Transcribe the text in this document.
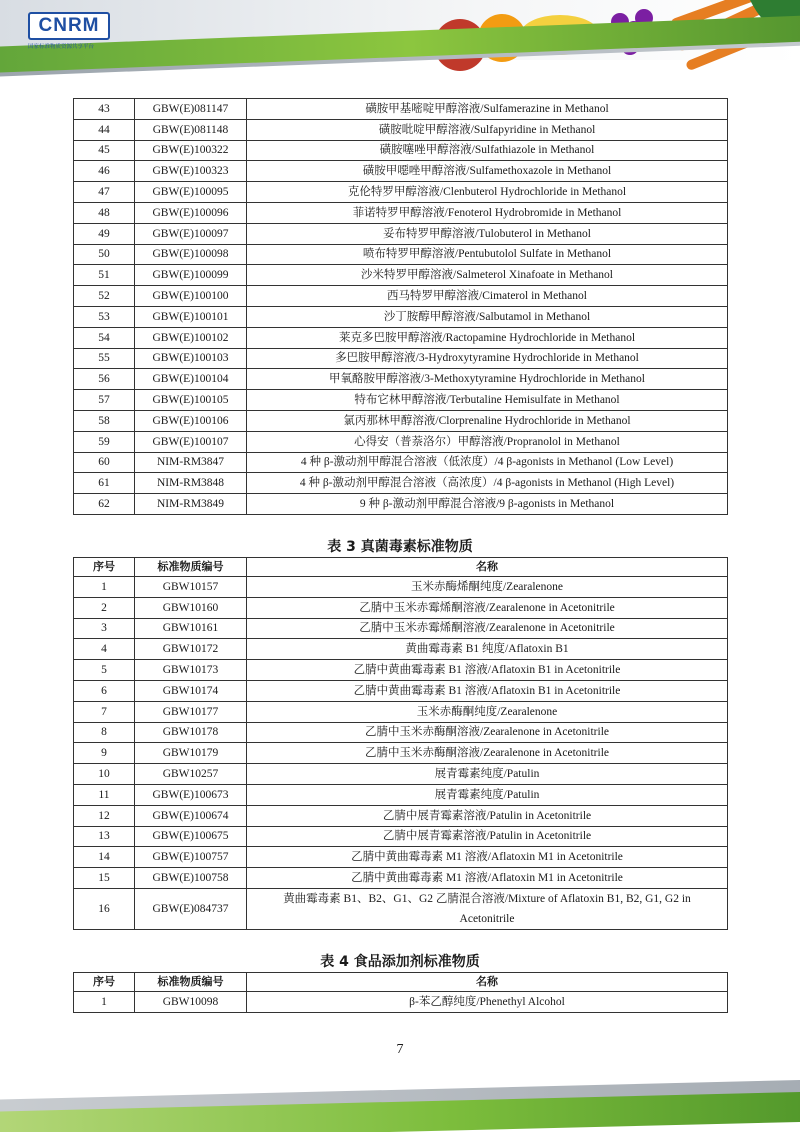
CNRM
国家标准物质资源共享平台
43	GBW(E)081147	磺胺甲基嘧啶甲醇溶液/Sulfamerazine in Methanol
44	GBW(E)081148	磺胺吡啶甲醇溶液/Sulfapyridine in Methanol
45	GBW(E)100322	磺胺噻唑甲醇溶液/Sulfathiazole in Methanol
46	GBW(E)100323	磺胺甲噁唑甲醇溶液/Sulfamethoxazole in Methanol
47	GBW(E)100095	克伦特罗甲醇溶液/Clenbuterol Hydrochloride in Methanol
48	GBW(E)100096	菲诺特罗甲醇溶液/Fenoterol Hydrobromide in Methanol
49	GBW(E)100097	妥布特罗甲醇溶液/Tulobuterol in Methanol
50	GBW(E)100098	喷布特罗甲醇溶液/Pentubutolol Sulfate in Methanol
51	GBW(E)100099	沙米特罗甲醇溶液/Salmeterol Xinafoate in Methanol
52	GBW(E)100100	西马特罗甲醇溶液/Cimaterol in Methanol
53	GBW(E)100101	沙丁胺醇甲醇溶液/Salbutamol in Methanol
54	GBW(E)100102	莱克多巴胺甲醇溶液/Ractopamine Hydrochloride in Methanol
55	GBW(E)100103	多巴胺甲醇溶液/3-Hydroxytyramine Hydrochloride in Methanol
56	GBW(E)100104	甲氧酪胺甲醇溶液/3-Methoxytyramine Hydrochloride in Methanol
57	GBW(E)100105	特布它林甲醇溶液/Terbutaline Hemisulfate in Methanol
58	GBW(E)100106	氯丙那林甲醇溶液/Clorprenaline Hydrochloride in Methanol
59	GBW(E)100107	心得安（普萘洛尔）甲醇溶液/Propranolol in Methanol
60	NIM-RM3847	4 种 β-激动剂甲醇混合溶液（低浓度）/4 β-agonists in Methanol (Low Level)
61	NIM-RM3848	4 种 β-激动剂甲醇混合溶液（高浓度）/4 β-agonists in Methanol (High Level)
62	NIM-RM3849	9 种 β-激动剂甲醇混合溶液/9 β-agonists in Methanol
表 3 真菌毒素标准物质
序号	标准物质编号	名称
1	GBW10157	玉米赤酶烯酮纯度/Zearalenone
2	GBW10160	乙腈中玉米赤霉烯酮溶液/Zearalenone in Acetonitrile
3	GBW10161	乙腈中玉米赤霉烯酮溶液/Zearalenone in Acetonitrile
4	GBW10172	黄曲霉毒素 B1 纯度/Aflatoxin B1
5	GBW10173	乙腈中黄曲霉毒素 B1 溶液/Aflatoxin B1 in Acetonitrile
6	GBW10174	乙腈中黄曲霉毒素 B1 溶液/Aflatoxin B1 in Acetonitrile
7	GBW10177	玉米赤酶酮纯度/Zearalenone
8	GBW10178	乙腈中玉米赤酶酮溶液/Zearalenone in Acetonitrile
9	GBW10179	乙腈中玉米赤酶酮溶液/Zearalenone in Acetonitrile
10	GBW10257	展青霉素纯度/Patulin
11	GBW(E)100673	展青霉素纯度/Patulin
12	GBW(E)100674	乙腈中展青霉素溶液/Patulin in Acetonitrile
13	GBW(E)100675	乙腈中展青霉素溶液/Patulin in Acetonitrile
14	GBW(E)100757	乙腈中黄曲霉毒素 M1 溶液/Aflatoxin M1 in Acetonitrile
15	GBW(E)100758	乙腈中黄曲霉毒素 M1 溶液/Aflatoxin M1 in Acetonitrile
16	GBW(E)084737	黄曲霉毒素 B1、B2、G1、G2 乙腈混合溶液/Mixture of Aflatoxin B1, B2, G1, G2 in Acetonitrile
表 4 食品添加剂标准物质
序号	标准物质编号	名称
1	GBW10098	β-苯乙醇纯度/Phenethyl Alcohol
7
